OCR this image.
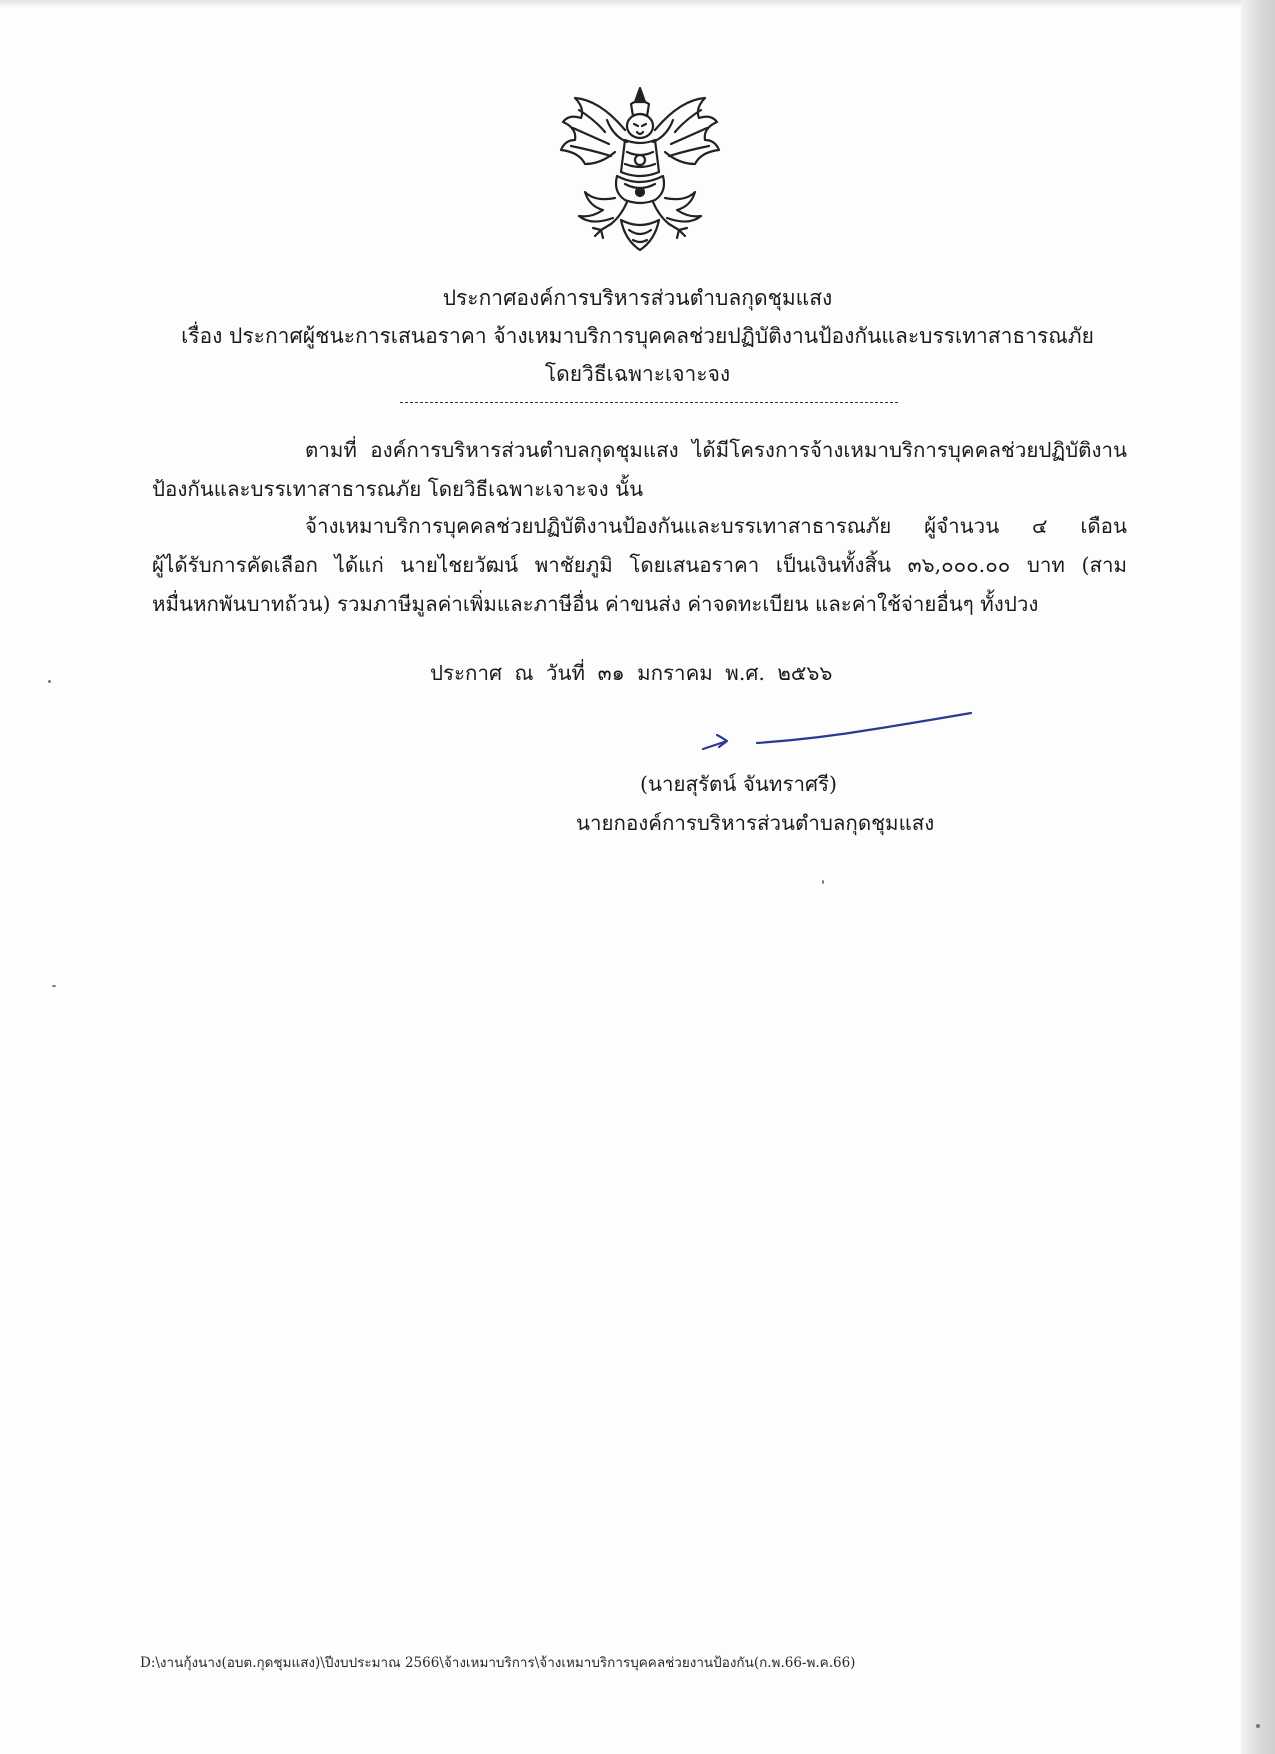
ประกาศองค์การบริหารส่วนตำบลกุดชุมแสง
เรื่อง ประกาศผู้ชนะการเสนอราคา จ้างเหมาบริการบุคคลช่วยปฏิบัติงานป้องกันและบรรเทาสาธารณภัย
โดยวิธีเฉพาะเจาะจง
ตามที่ องค์การบริหารส่วนตำบลกุดชุมแสง ได้มีโครงการจ้างเหมาบริการบุคคลช่วยปฏิบัติงาน
ป้องกันและบรรเทาสาธารณภัย โดยวิธีเฉพาะเจาะจง นั้น
จ้างเหมาบริการบุคคลช่วยปฏิบัติงานป้องกันและบรรเทาสาธารณภัย ผู้จำนวน ๔ เดือน
ผู้ได้รับการคัดเลือก ได้แก่ นายไชยวัฒน์ พาชัยภูมิ โดยเสนอราคา เป็นเงินทั้งสิ้น ๓๖,๐๐๐.๐๐ บาท (สาม
หมื่นหกพันบาทถ้วน) รวมภาษีมูลค่าเพิ่มและภาษีอื่น ค่าขนส่ง ค่าจดทะเบียน และค่าใช้จ่ายอื่นๆ ทั้งปวง
ประกาศ ณ วันที่ ๓๑ มกราคม พ.ศ. ๒๕๖๖
(นายสุรัตน์ จันทราศรี)
นายกองค์การบริหารส่วนตำบลกุดชุมแสง
D:\งานกุ้งนาง(อบต.กุดชุมแสง)\ปีงบประมาณ 2566\จ้างเหมาบริการ\จ้างเหมาบริการบุคคลช่วยงานป้องกัน(ก.พ.66-พ.ค.66)
